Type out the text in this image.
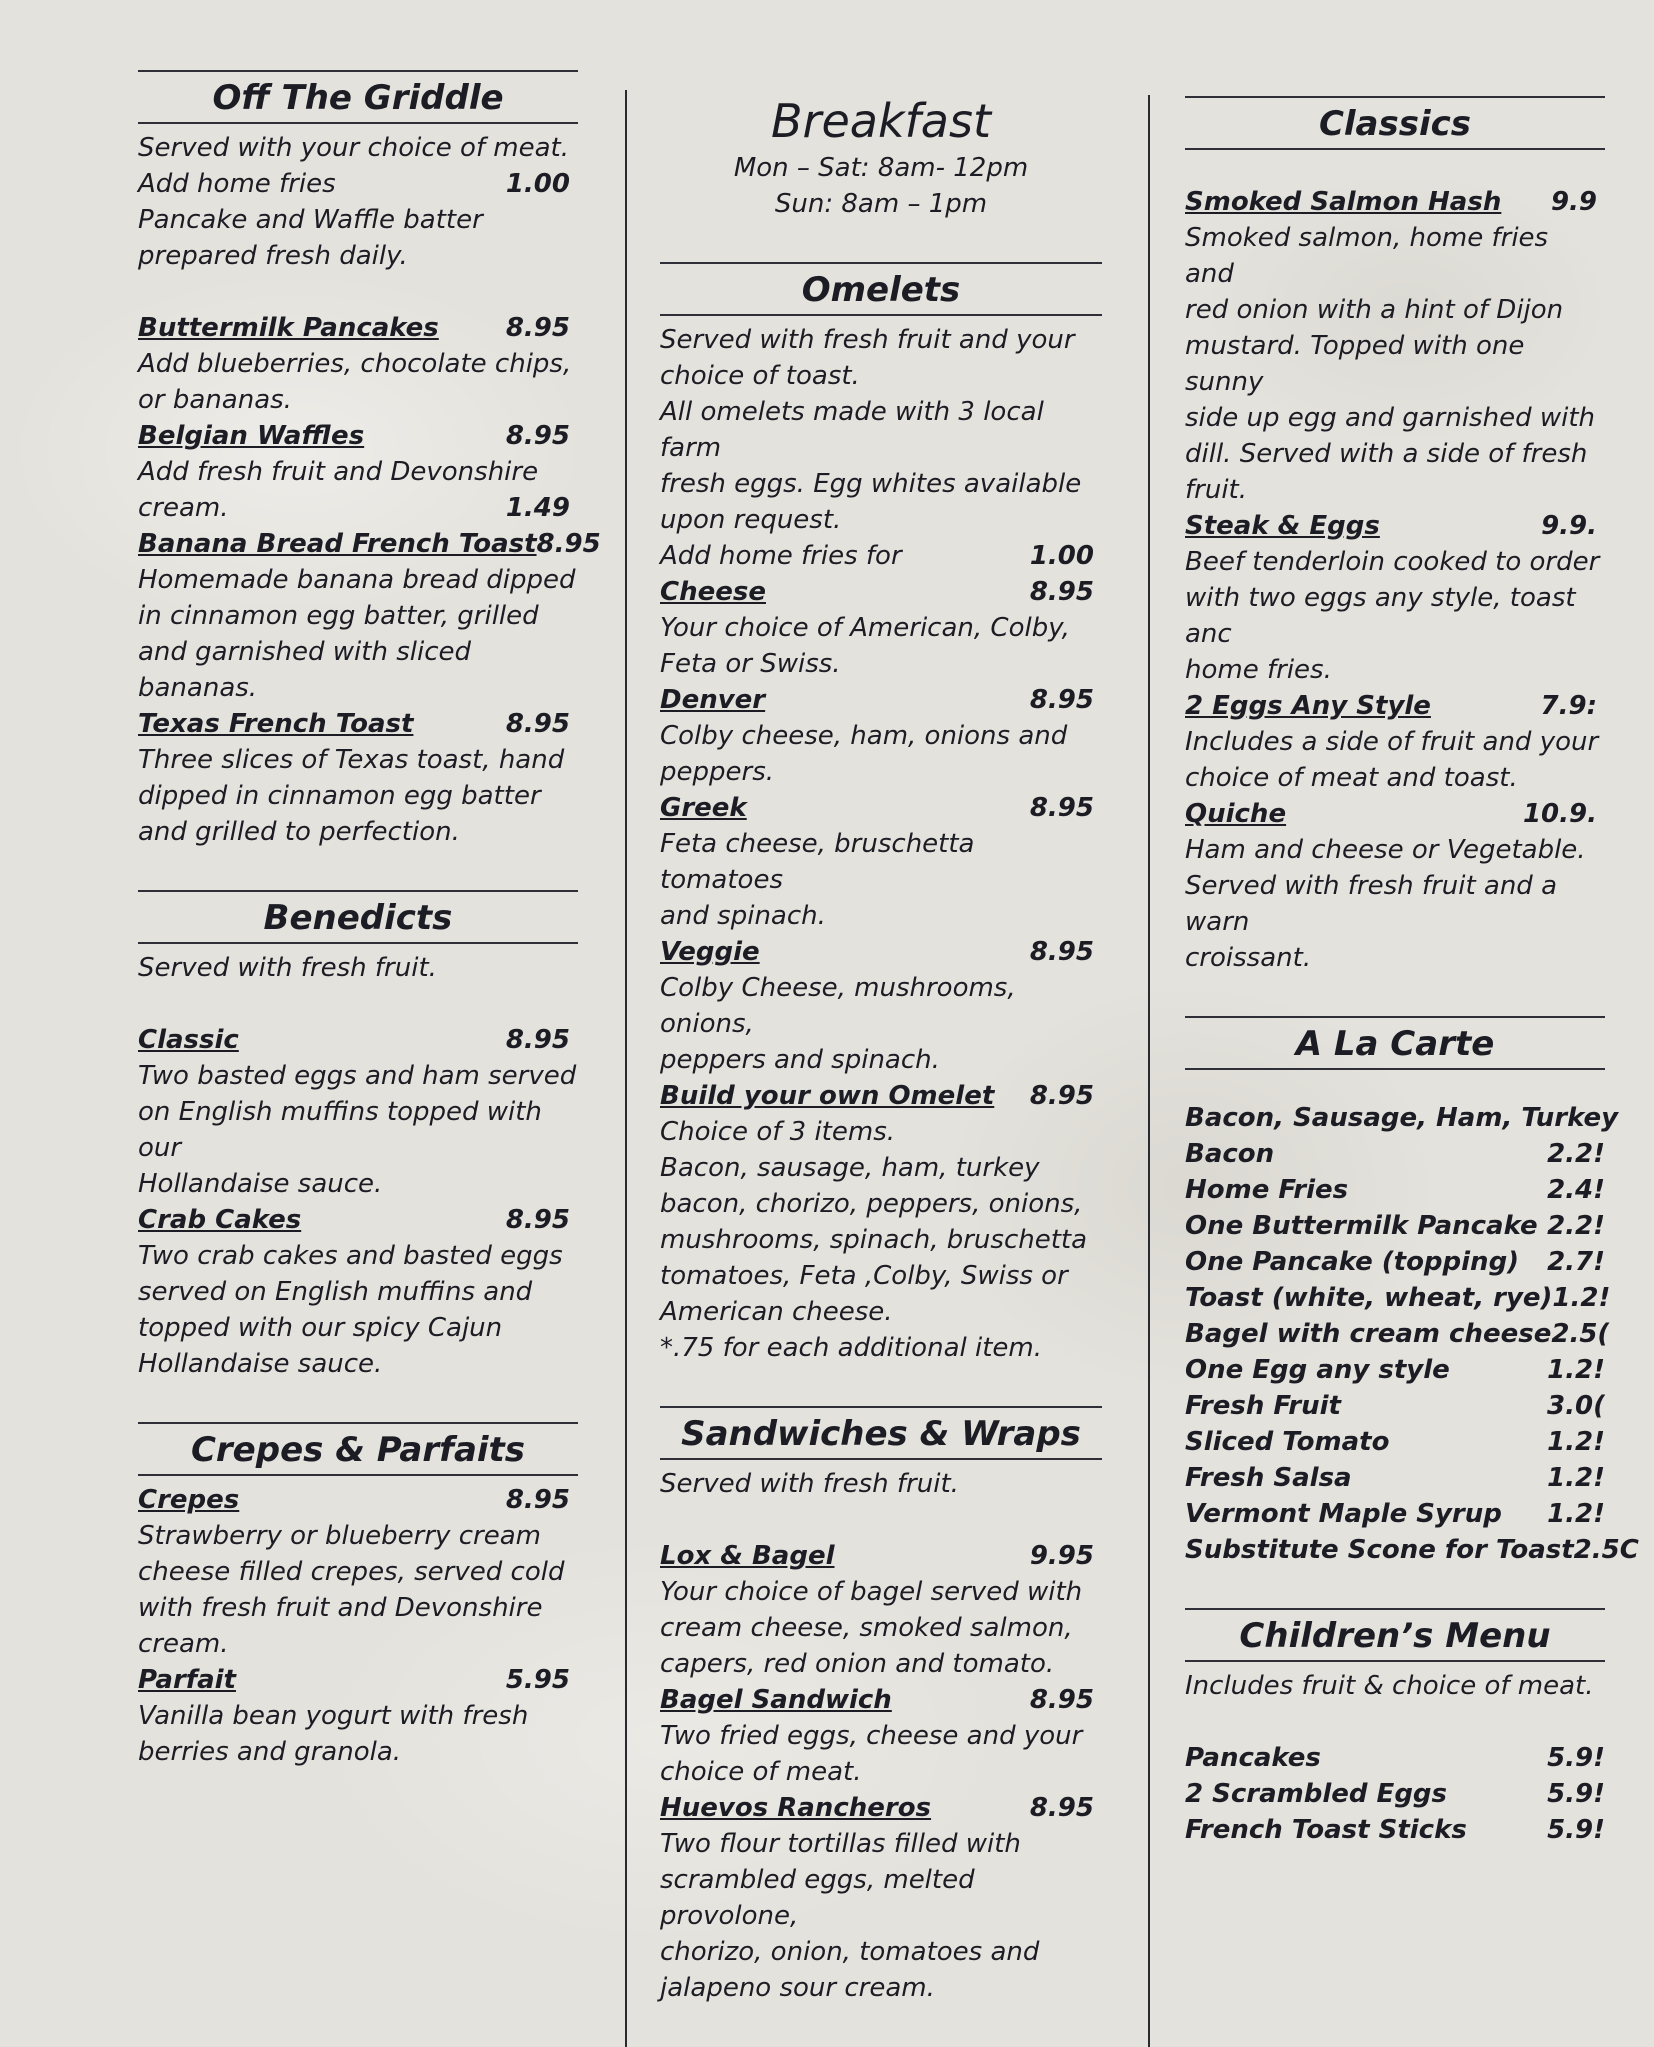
Off The Griddle
Served with your choice of meat.
Add home fries	1.00
Pancake and Waffle batter
prepared fresh daily.
Buttermilk Pancakes	8.95
Add blueberries, chocolate chips,
or bananas.
Belgian Waffles	8.95
Add fresh fruit and Devonshire
cream.	1.49
Banana Bread French Toast 8.95
Homemade banana bread dipped
in cinnamon egg batter, grilled
and garnished with sliced
bananas.
Texas French Toast	8.95
Three slices of Texas toast, hand
dipped in cinnamon egg batter
and grilled to perfection.
Benedicts
Served with fresh fruit.
Classic	8.95
Two basted eggs and ham served
on English muffins topped with our
Hollandaise sauce.
Crab Cakes	8.95
Two crab cakes and basted eggs
served on English muffins and
topped with our spicy Cajun
Hollandaise sauce.
Crepes & Parfaits
Crepes	8.95
Strawberry or blueberry cream
cheese filled crepes, served cold
with fresh fruit and Devonshire
cream.
Parfait	5.95
Vanilla bean yogurt with fresh
berries and granola.
Breakfast
Mon – Sat: 8am- 12pm
Sun: 8am – 1pm
Omelets
Served with fresh fruit and your
choice of toast.
All omelets made with 3 local farm
fresh eggs. Egg whites available
upon request.
Add home fries for	1.00
Cheese	8.95
Your choice of American, Colby,
Feta or Swiss.
Denver	8.95
Colby cheese, ham, onions and
peppers.
Greek	8.95
Feta cheese, bruschetta tomatoes
and spinach.
Veggie	8.95
Colby Cheese, mushrooms, onions,
peppers and spinach.
Build your own Omelet 8.95
Choice of 3 items.
Bacon, sausage, ham, turkey
bacon, chorizo, peppers, onions,
mushrooms, spinach, bruschetta
tomatoes, Feta ,Colby, Swiss or
American cheese.
*.75 for each additional item.
Sandwiches & Wraps
Served with fresh fruit.
Lox & Bagel	9.95
Your choice of bagel served with
cream cheese, smoked salmon,
capers, red onion and tomato.
Bagel Sandwich	8.95
Two fried eggs, cheese and your
choice of meat.
Huevos Rancheros	8.95
Two flour tortillas filled with
scrambled eggs, melted provolone,
chorizo, onion, tomatoes and
jalapeno sour cream.
Classics
Smoked Salmon Hash 9.9
Smoked salmon, home fries and
red onion with a hint of Dijon
mustard. Topped with one sunny
side up egg and garnished with
dill. Served with a side of fresh
fruit.
Steak & Eggs	9.9.
Beef tenderloin cooked to order
with two eggs any style, toast anc
home fries.
2 Eggs Any Style	7.9:
Includes a side of fruit and your
choice of meat and toast.
Quiche	10.9.
Ham and cheese or Vegetable.
Served with fresh fruit and a warn
croissant.
A La Carte
Bacon, Sausage, Ham, Turkey
Bacon	2.2!
Home Fries	2.4!
One Buttermilk Pancake 2.2!
One Pancake (topping) 2.7!
Toast (white, wheat, rye) 1.2!
Bagel with cream cheese 2.5(
One Egg any style	1.2!
Fresh Fruit	3.0(
Sliced Tomato	1.2!
Fresh Salsa	1.2!
Vermont Maple Syrup 1.2!
Substitute Scone for Toast 2.5C
Children’s Menu
Includes fruit & choice of meat.
Pancakes	5.9!
2 Scrambled Eggs	5.9!
French Toast Sticks	5.9!
